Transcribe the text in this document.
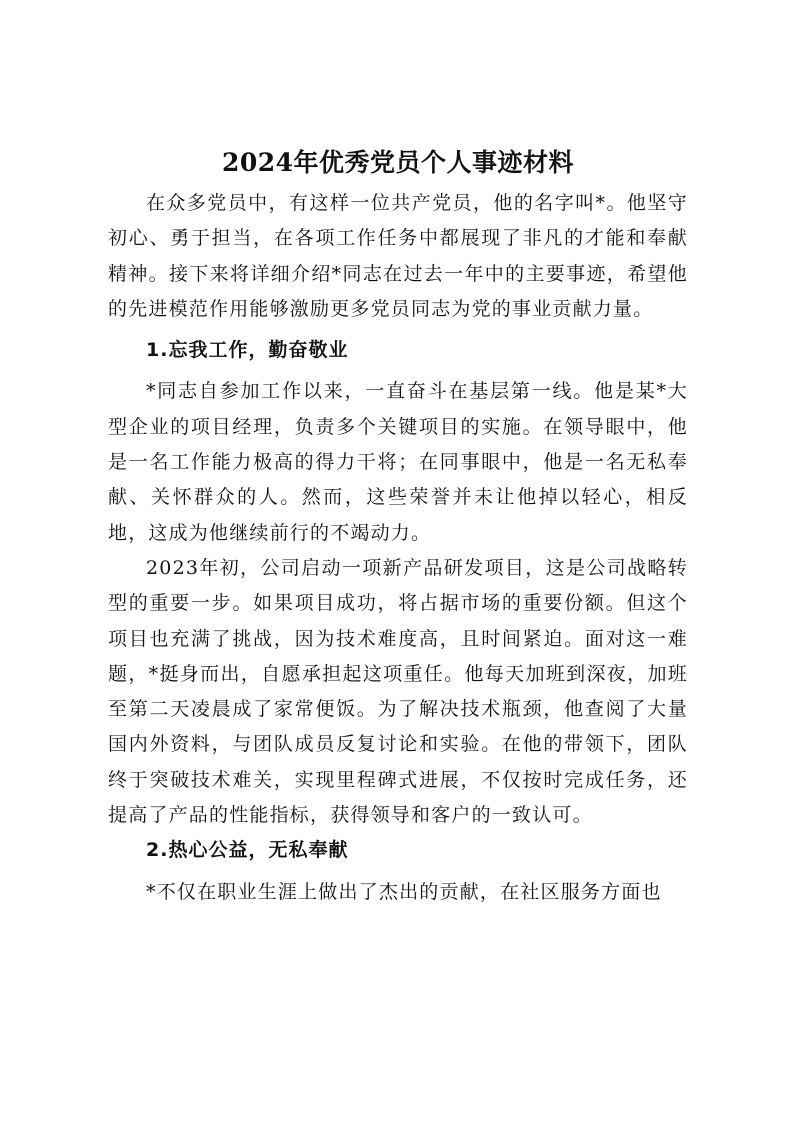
2024年优秀党员个人事迹材料

在众多党员中，有这样一位共产党员，他的名字叫*。他坚守初心、勇于担当，在各项工作任务中都展现了非凡的才能和奉献精神。接下来将详细介绍*同志在过去一年中的主要事迹，希望他的先进模范作用能够激励更多党员同志为党的事业贡献力量。

1.忘我工作，勤奋敬业

*同志自参加工作以来，一直奋斗在基层第一线。他是某*大型企业的项目经理，负责多个关键项目的实施。在领导眼中，他是一名工作能力极高的得力干将；在同事眼中，他是一名无私奉献、关怀群众的人。然而，这些荣誉并未让他掉以轻心，相反地，这成为他继续前行的不竭动力。

2023年初，公司启动一项新产品研发项目，这是公司战略转型的重要一步。如果项目成功，将占据市场的重要份额。但这个项目也充满了挑战，因为技术难度高，且时间紧迫。面对这一难题，*挺身而出，自愿承担起这项重任。他每天加班到深夜，加班至第二天凌晨成了家常便饭。为了解决技术瓶颈，他查阅了大量国内外资料，与团队成员反复讨论和实验。在他的带领下，团队终于突破技术难关，实现里程碑式进展，不仅按时完成任务，还提高了产品的性能指标，获得领导和客户的一致认可。

2.热心公益，无私奉献

*不仅在职业生涯上做出了杰出的贡献，在社区服务方面也
